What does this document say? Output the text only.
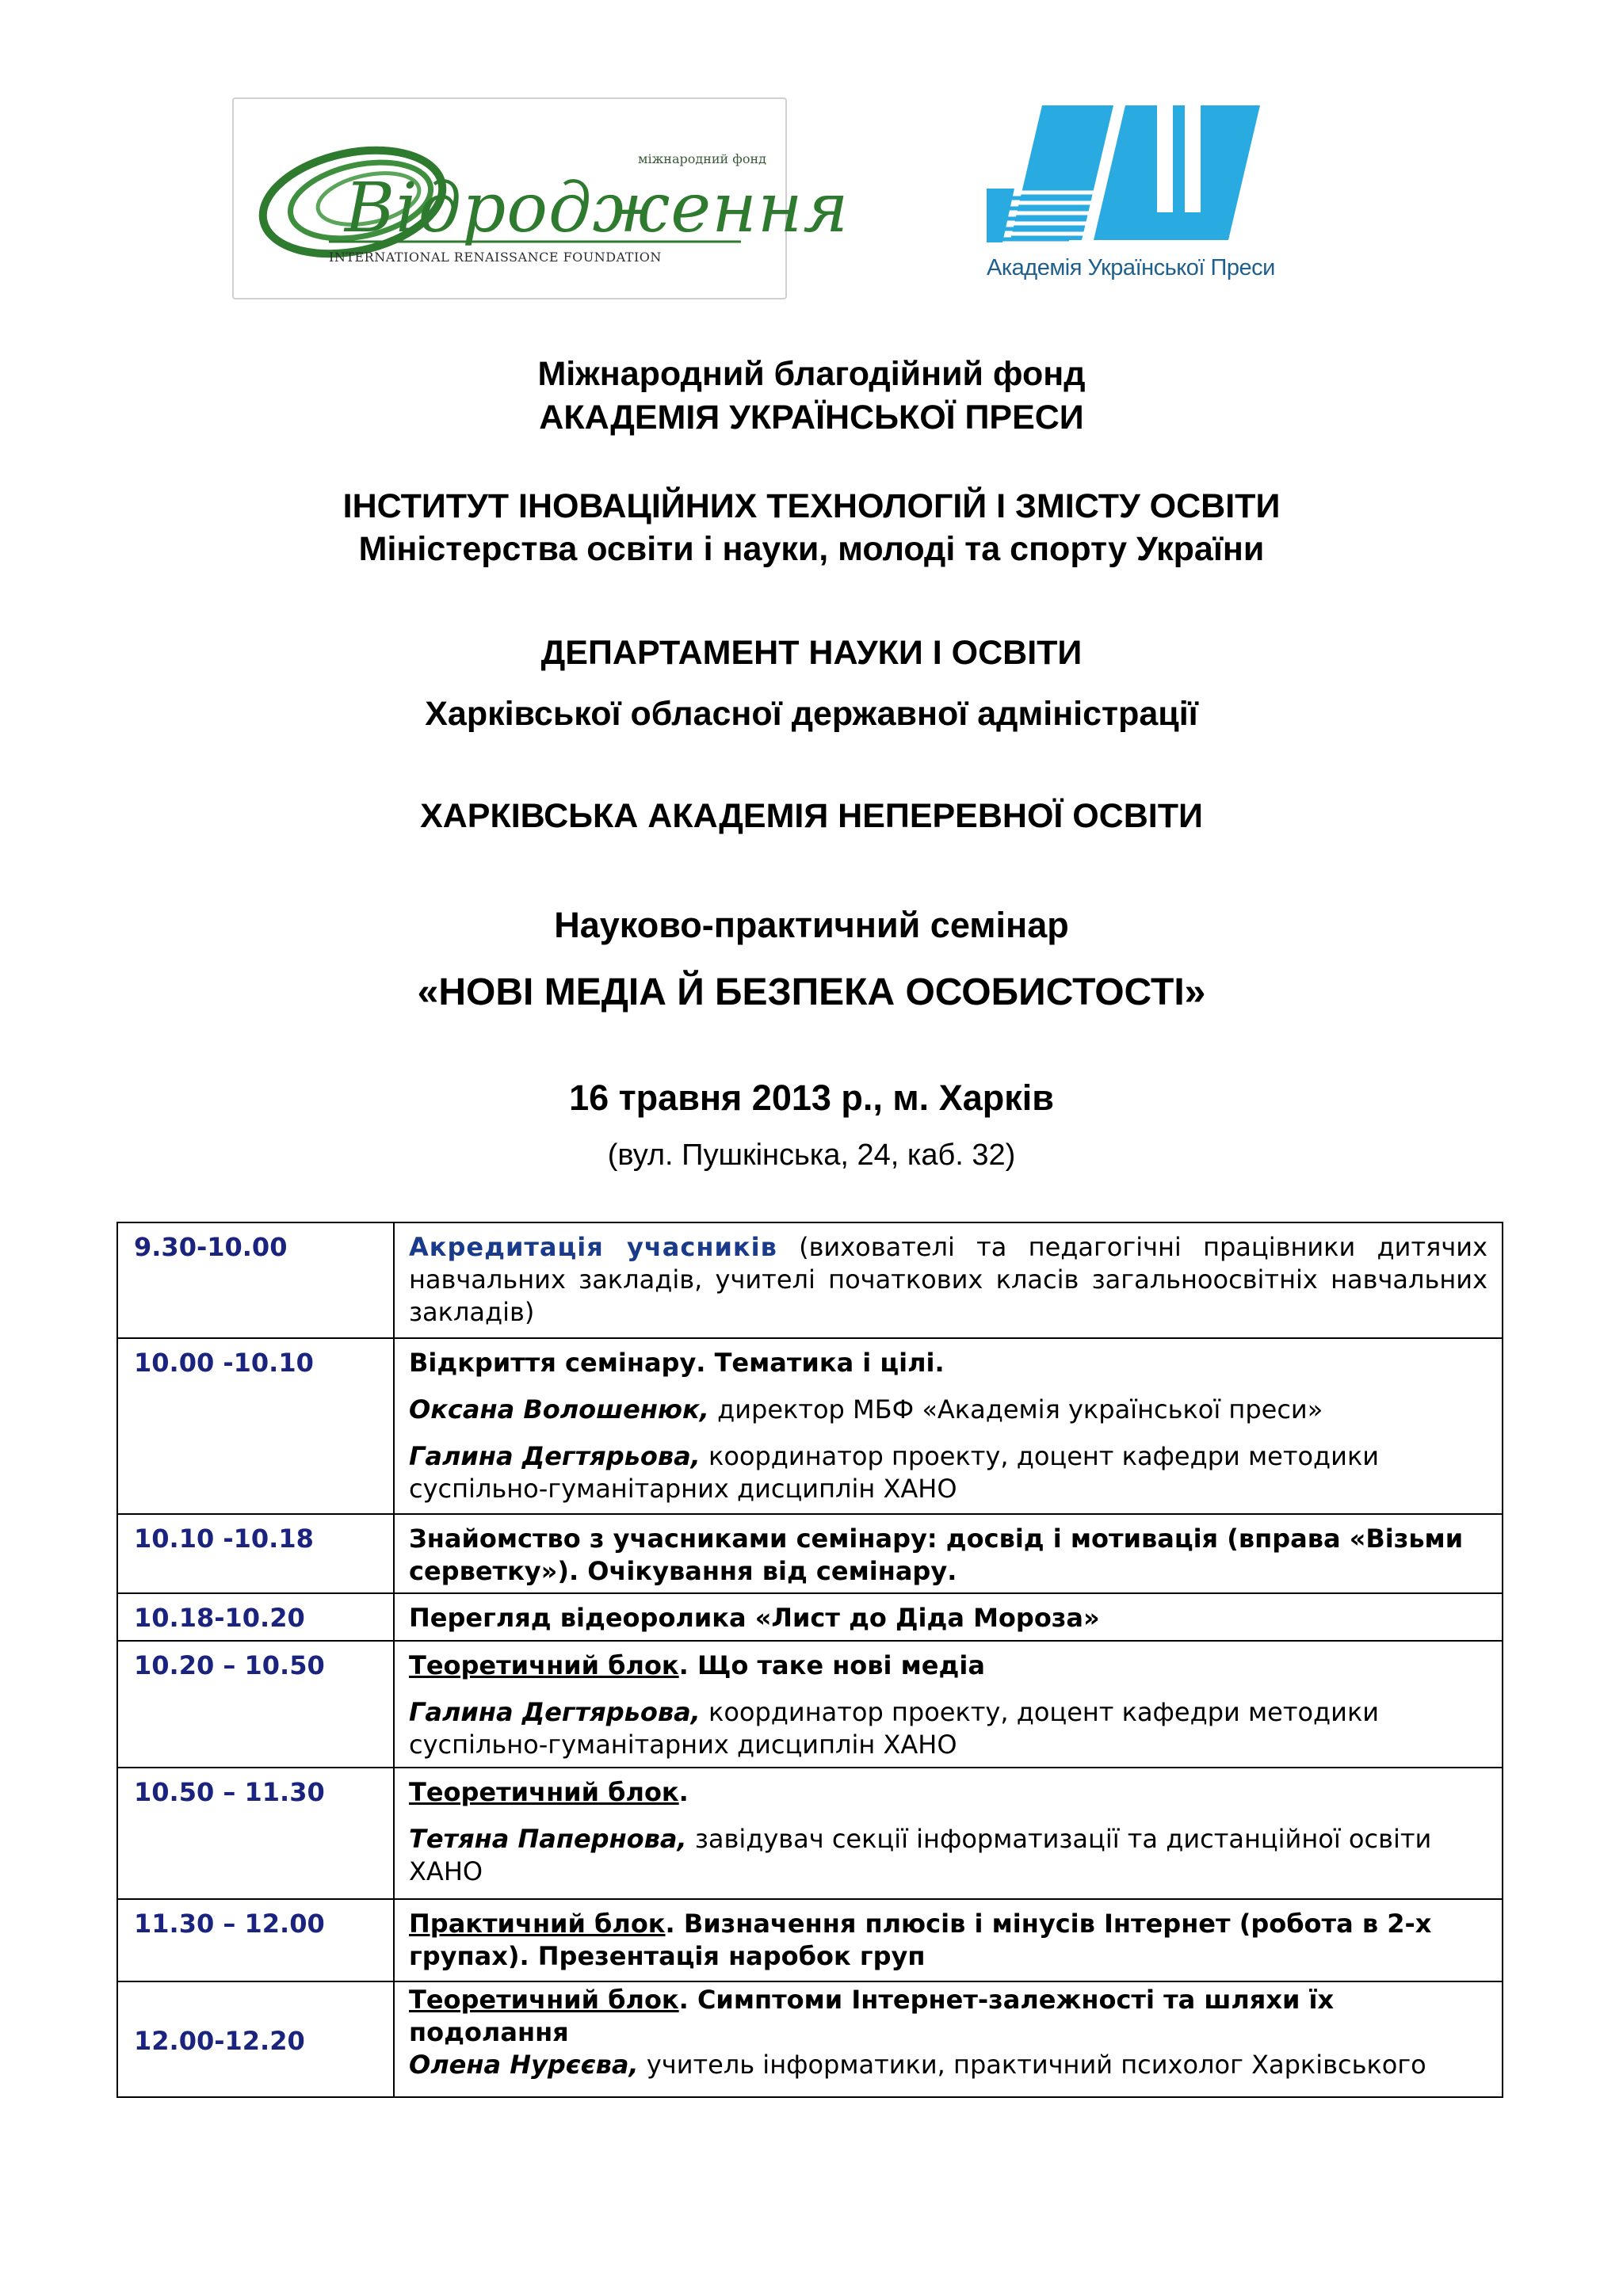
міжнародний фонд
Відродження
INTERNATIONAL RENAISSANCE FOUNDATION	Академія Української Преси
Міжнародний благодійний фонд
АКАДЕМІЯ УКРАЇНСЬКОЇ ПРЕСИ
ІНСТИТУТ ІНОВАЦІЙНИХ ТЕХНОЛОГІЙ І ЗМІСТУ ОСВІТИ
Міністерства освіти і науки, молоді та спорту України
ДЕПАРТАМЕНТ НАУКИ І ОСВІТИ
Харківської обласної державної адміністрації
ХАРКІВСЬКА АКАДЕМІЯ НЕПЕРЕВНОЇ ОСВІТИ
Науково-практичний семінар
«НОВІ МЕДІА Й БЕЗПЕКА ОСОБИСТОСТІ»
16 травня 2013 р., м. Харків
(вул. Пушкінська, 24, каб. 32)
9.30-10.00	Акредитація учасників (вихователі та педагогічні працівники дитячих навчальних закладів, учителі початкових класів загальноосвітніх навчальних закладів)
10.00 -10.10	Відкриття семінару. Тематика і цілі.

Оксана Волошенюк, директор МБФ «Академія української преси»

Галина Дегтярьова, координатор проекту, доцент кафедри методики суспільно-гуманітарних дисциплін ХАНО

10.10 -10.18	Знайомство з учасниками семінару: досвід і мотивація (вправа «Візьми серветку»). Очікування від семінару.
10.18-10.20	Перегляд відеоролика «Лист до Діда Мороза»
10.20 – 10.50	Теоретичний блок. Що таке нові медіа

Галина Дегтярьова, координатор проекту, доцент кафедри методики суспільно-гуманітарних дисциплін ХАНО

10.50 – 11.30	Теоретичний блок.

Тетяна Папернова, завідувач секції інформатизації та дистанційної освіти ХАНО

11.30 – 12.00	Практичний блок. Визначення плюсів і мінусів Інтернет (робота в 2-х групах). Презентація наробок груп
12.00-12.20	Теоретичний блок. Симптоми Інтернет-залежності та шляхи їх подолання
Олена Нурєєва, учитель інформатики, практичний психолог Харківського
